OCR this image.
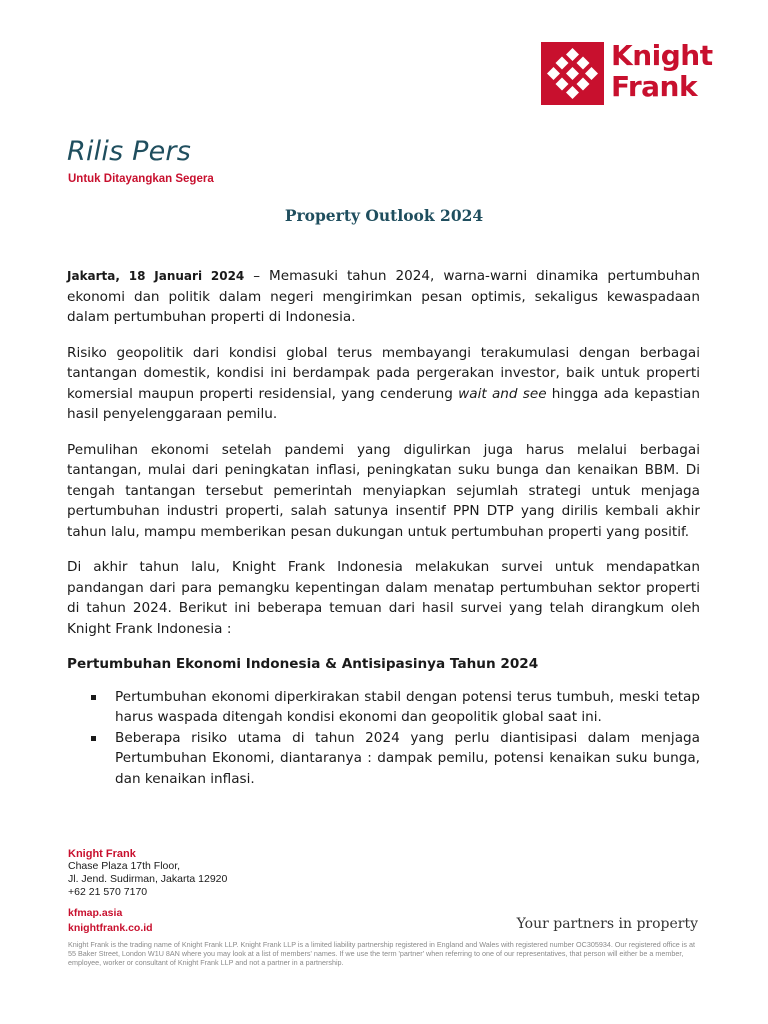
Knight
Frank
Rilis Pers
Untuk Ditayangkan Segera
Property Outlook 2024

Jakarta, 18 Januari 2024 – Memasuki tahun 2024, warna-warni dinamika pertumbuhan ekonomi dan politik dalam negeri mengirimkan pesan optimis, sekaligus kewaspadaan dalam pertumbuhan properti di Indonesia.

Risiko geopolitik dari kondisi global terus membayangi terakumulasi dengan berbagai tantangan domestik, kondisi ini berdampak pada pergerakan investor, baik untuk properti komersial maupun properti residensial, yang cenderung wait and see hingga ada kepastian hasil penyelenggaraan pemilu.

Pemulihan ekonomi setelah pandemi yang digulirkan juga harus melalui berbagai tantangan, mulai dari peningkatan inflasi, peningkatan suku bunga dan kenaikan BBM. Di tengah tantangan tersebut pemerintah menyiapkan sejumlah strategi untuk menjaga pertumbuhan industri properti, salah satunya insentif PPN DTP yang dirilis kembali akhir tahun lalu, mampu memberikan pesan dukungan untuk pertumbuhan properti yang positif.

Di akhir tahun lalu, Knight Frank Indonesia melakukan survei untuk mendapatkan pandangan dari para pemangku kepentingan dalam menatap pertumbuhan sektor properti di tahun 2024. Berikut ini beberapa temuan dari hasil survei yang telah dirangkum oleh Knight Frank Indonesia :

Pertumbuhan Ekonomi Indonesia & Antisipasinya Tahun 2024
Pertumbuhan ekonomi diperkirakan stabil dengan potensi terus tumbuh, meski tetap harus waspada ditengah kondisi ekonomi dan geopolitik global saat ini.
Beberapa risiko utama di tahun 2024 yang perlu diantisipasi dalam menjaga Pertumbuhan Ekonomi, diantaranya : dampak pemilu, potensi kenaikan suku bunga, dan kenaikan inflasi.
Knight Frank
Chase Plaza 17th Floor,
Jl. Jend. Sudirman, Jakarta 12920
+62 21 570 7170
kfmap.asia
knightfrank.co.id	Your partners in property
Knight Frank is the trading name of Knight Frank LLP. Knight Frank LLP is a limited liability partnership registered in England and Wales with registered number OC305934. Our registered office is at 55 Baker Street, London W1U 8AN where you may look at a list of members' names. If we use the term 'partner' when referring to one of our representatives, that person will either be a member, employee, worker or consultant of Knight Frank LLP and not a partner in a partnership.
